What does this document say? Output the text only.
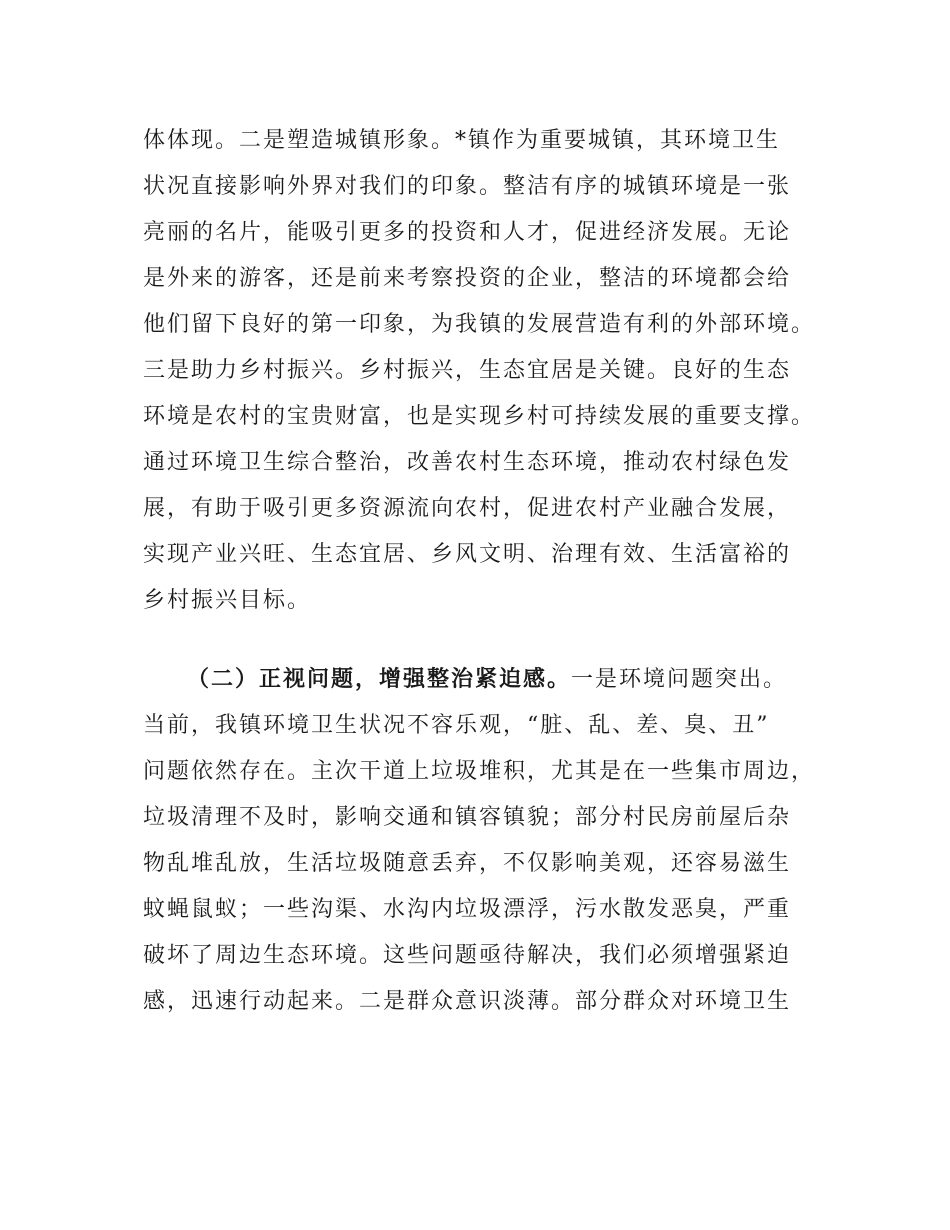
体体现。二是塑造城镇形象。*镇作为重要城镇，其环境卫生
状况直接影响外界对我们的印象。整洁有序的城镇环境是一张
亮丽的名片，能吸引更多的投资和人才，促进经济发展。无论
是外来的游客，还是前来考察投资的企业，整洁的环境都会给
他们留下良好的第一印象，为我镇的发展营造有利的外部环境。
三是助力乡村振兴。乡村振兴，生态宜居是关键。良好的生态
环境是农村的宝贵财富，也是实现乡村可持续发展的重要支撑。
通过环境卫生综合整治，改善农村生态环境，推动农村绿色发
展，有助于吸引更多资源流向农村，促进农村产业融合发展，
实现产业兴旺、生态宜居、乡风文明、治理有效、生活富裕的
乡村振兴目标。
（二）正视问题，增强整治紧迫感。一是环境问题突出。
当前，我镇环境卫生状况不容乐观，“脏、乱、差、臭、丑”
问题依然存在。主次干道上垃圾堆积，尤其是在一些集市周边，
垃圾清理不及时，影响交通和镇容镇貌；部分村民房前屋后杂
物乱堆乱放，生活垃圾随意丢弃，不仅影响美观，还容易滋生
蚊蝇鼠蚁；一些沟渠、水沟内垃圾漂浮，污水散发恶臭，严重
破坏了周边生态环境。这些问题亟待解决，我们必须增强紧迫
感，迅速行动起来。二是群众意识淡薄。部分群众对环境卫生
